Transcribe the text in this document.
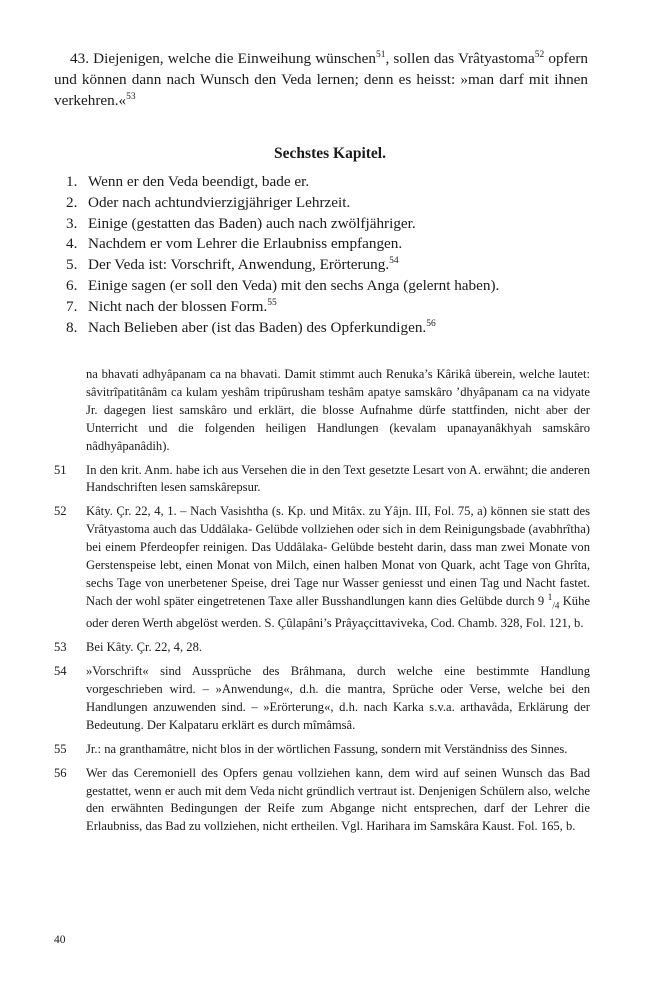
43. Diejenigen, welche die Einweihung wünschen$^{51}$, sollen das Vrâtyastoma$^{52}$ opfern und können dann nach Wunsch den Veda lernen; denn es heisst: »man darf mit ihnen verkehren.«$^{53}$

Sechstes Kapitel.
1. Wenn er den Veda beendigt, bade er.
2. Oder nach achtundvierzigjähriger Lehrzeit.
3. Einige (gestatten das Baden) auch nach zwölfjähriger.
4. Nachdem er vom Lehrer die Erlaubniss empfangen.
5. Der Veda ist: Vorschrift, Anwendung, Erörterung.$^{54}$
6. Einige sagen (er soll den Veda) mit den sechs Anga (gelernt haben).
7. Nicht nach der blossen Form.$^{55}$
8. Nach Belieben aber (ist das Baden) des Opferkundigen.$^{56}$
na bhavati adhyâpanam ca na bhavati. Damit stimmt auch Renuka’s Kârikâ überein, welche lautet: sâvitrîpatitânâm ca kulam yeshâm tripûrusham teshâm apatye samskâro ’dhyâpanam ca na vidyate Jr. dagegen liest samskâro und erklärt, die blosse Aufnahme dürfe stattfinden, nicht aber der Unterricht und die folgenden heiligen Handlungen (kevalam upanayanâkhyah samskâro nâdhyâpanâdih).
51	In den krit. Anm. habe ich aus Versehen die in den Text gesetzte Lesart von A. erwähnt; die anderen Handschriften lesen samskârepsur.
52	Kâty. Çr. 22, 4, 1. – Nach Vasishtha (s. Kp. und Mitâx. zu Yâjn. III, Fol. 75, a) können sie statt des Vrâtyastoma auch das Uddâlaka- Gelübde vollziehen oder sich in dem Reinigungsbade (avabhrîtha) bei einem Pferdeopfer reinigen. Das Uddâlaka- Gelübde besteht darin, dass man zwei Monate von Gerstenspeise lebt, einen Monat von Milch, einen halben Monat von Quark, acht Tage von Ghrîta, sechs Tage von unerbetener Speise, drei Tage nur Wasser geniesst und einen Tag und Nacht fastet. Nach der wohl später eingetretenen Taxe aller Busshandlungen kann dies Gelübde durch 9 $^1_{/4}$ Kühe oder deren Werth abgelöst werden. S. Çûlapâni’s Prâyaçcittaviveka, Cod. Chamb. 328, Fol. 121, b.
53	Bei Kâty. Çr. 22, 4, 28.
54	»Vorschrift« sind Aussprüche des Brâhmana, durch welche eine bestimmte Handlung vorgeschrieben wird. – »Anwendung«, d.h. die mantra, Sprüche oder Verse, welche bei den Handlungen anzuwenden sind. – »Erörterung«, d.h. nach Karka s.v.a. arthavâda, Erklärung der Bedeutung. Der Kalpataru erklärt es durch mîmâmsâ.
55	Jr.: na granthamâtre, nicht blos in der wörtlichen Fassung, sondern mit Verständniss des Sinnes.
56	Wer das Ceremoniell des Opfers genau vollziehen kann, dem wird auf seinen Wunsch das Bad gestattet, wenn er auch mit dem Veda nicht gründlich vertraut ist. Denjenigen Schülern also, welche den erwähnten Bedingungen der Reife zum Abgange nicht entsprechen, darf der Lehrer die Erlaubniss, das Bad zu vollziehen, nicht ertheilen. Vgl. Harihara im Samskâra Kaust. Fol. 165, b.
40
